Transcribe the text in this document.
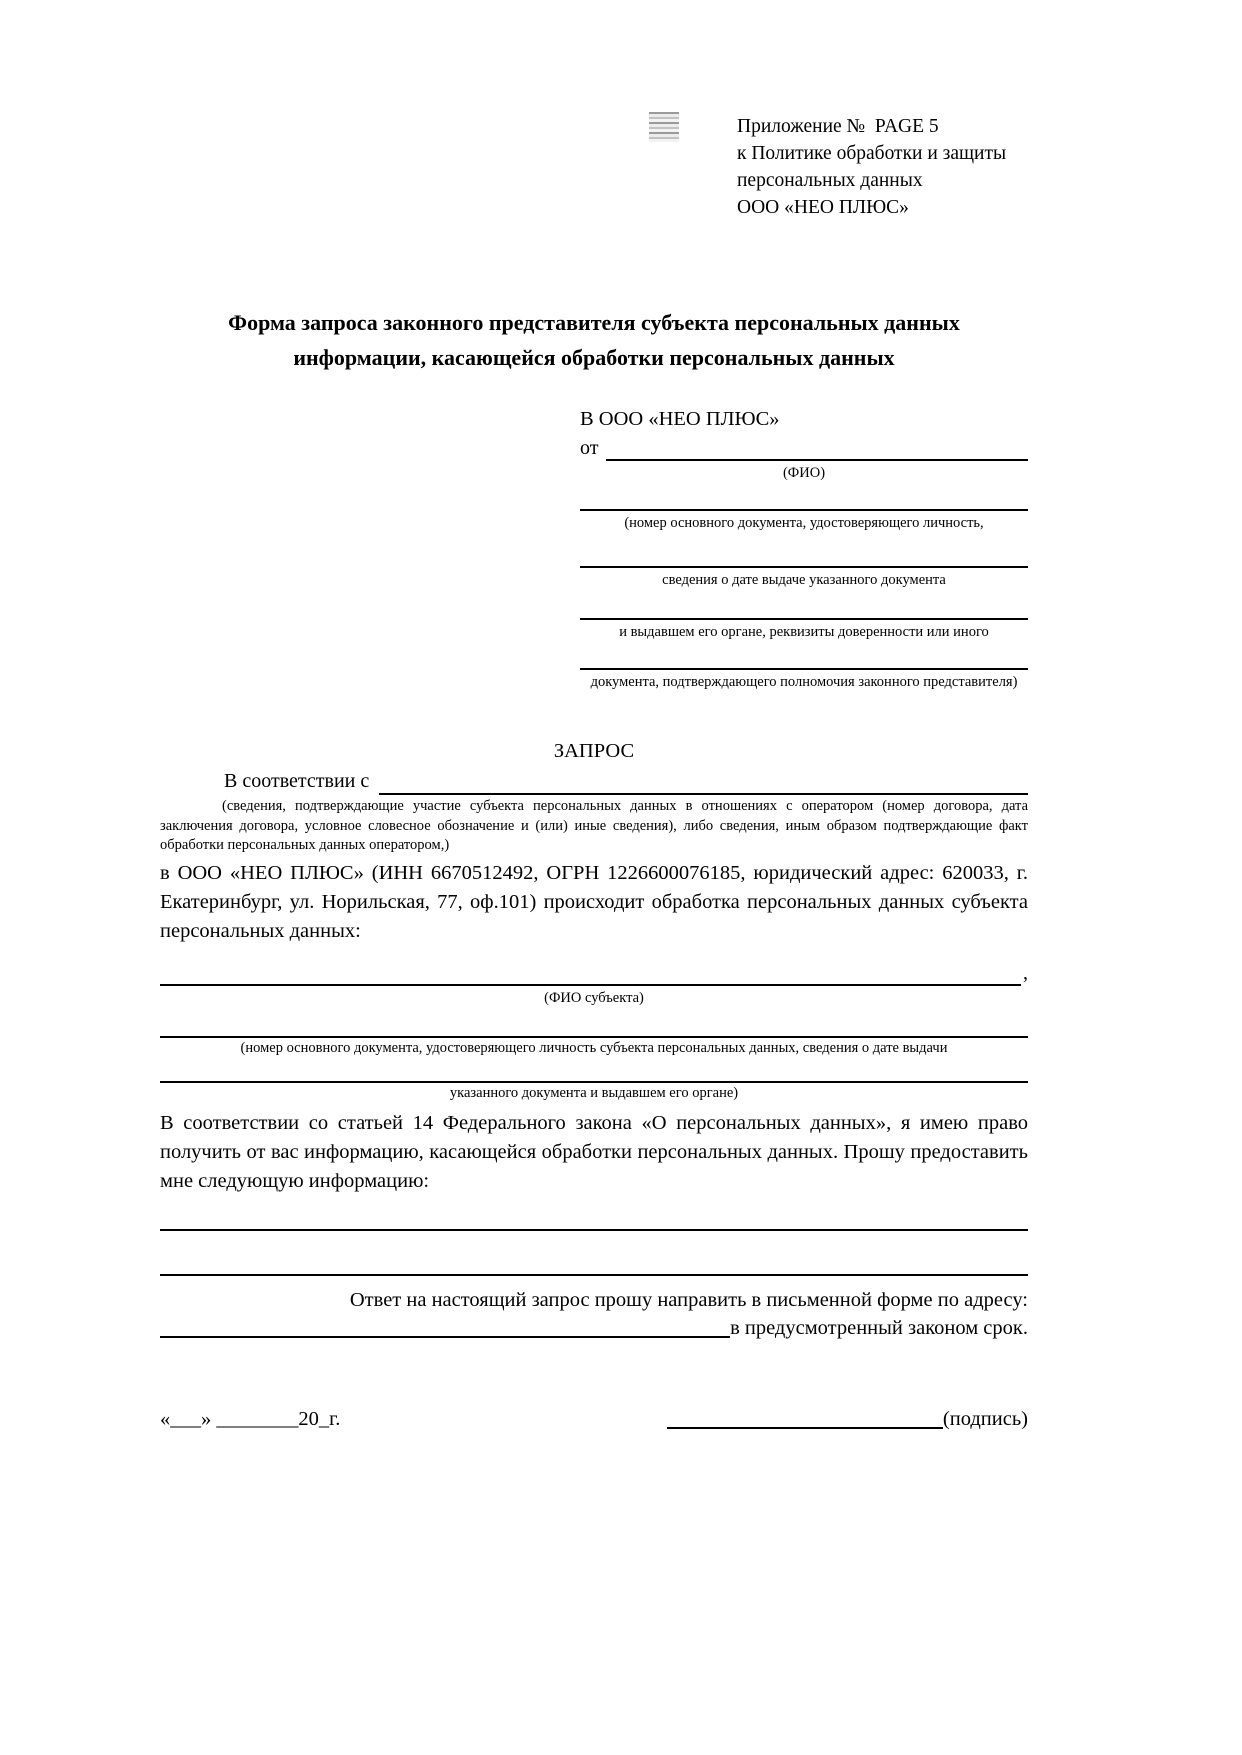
Приложение №  PAGE 5
к Политике обработки и защиты
персональных данных
ООО «НЕО ПЛЮС»
Форма запроса законного представителя субъекта персональных данных
информации, касающейся обработки персональных данных
В ООО «НЕО ПЛЮС»
от
(ФИО)
(номер основного документа, удостоверяющего личность,
сведения о дате выдаче указанного документа
и выдавшем его органе, реквизиты доверенности или иного
документа, подтверждающего полномочия законного представителя)
ЗАПРОС
В соответствии с
(сведения, подтверждающие участие субъекта персональных данных в отношениях с оператором (номер договора, дата заключения договора, условное словесное обозначение и (или) иные сведения), либо сведения, иным образом подтверждающие факт обработки персональных данных оператором,)
в ООО «НЕО ПЛЮС» (ИНН 6670512492, ОГРН 1226600076185, юридический адрес: 620033, г. Екатеринбург, ул. Норильская, 77, оф.101) происходит обработка персональных данных субъекта персональных данных:
,
(ФИО субъекта)
(номер основного документа, удостоверяющего личность субъекта персональных данных, сведения о дате выдачи
указанного документа и выдавшем его органе)
В соответствии со статьей 14 Федерального закона «О персональных данных», я имею право получить от вас информацию, касающейся обработки персональных данных. Прошу предоставить мне следующую информацию:
Ответ на настоящий запрос прошу направить в письменной форме по адресу:
в предусмотренный законом срок.
«___» ________20_г.	(подпись)
